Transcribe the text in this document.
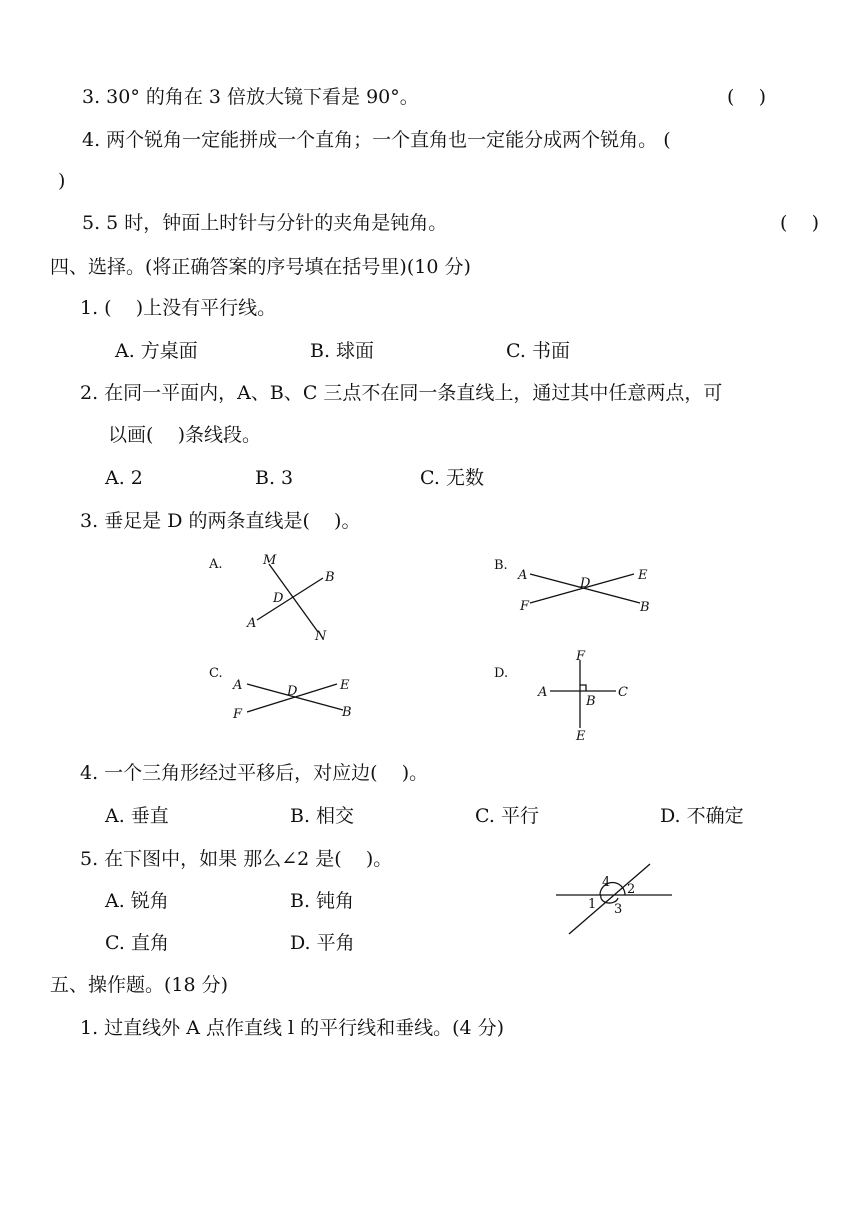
3. 30° 的角在 3 倍放大镜下看是 90°。	(    )
4. 两个锐角一定能拼成一个直角；一个直角也一定能分成两个锐角。 (
)
5. 5 时，钟面上时针与分针的夹角是钝角。	(    )
四、选择。(将正确答案的序号填在括号里)(10 分)
1. (    )上没有平行线。
A. 方桌面	B. 球面	C. 书面
2. 在同一平面内，A、B、C 三点不在同一条直线上，通过其中任意两点，可
以画(    )条线段。
A. 2	B. 3	C. 无数
3. 垂足是 D 的两条直线是(    )。
A.	M
B
D
A
N
B.
A
D
E
F	B
C.
A	D	E
F	B
D.
F
A
B
C
E
4. 一个三角形经过平移后，对应边(    )。
A. 垂直	B. 相交	C. 平行	D. 不确定
5. 在下图中，如果 那么∠2 是(    )。
A. 锐角	B. 钝角
C. 直角	D. 平角
4 2
1 3
五、操作题。(18 分)
1. 过直线外 A 点作直线 l 的平行线和垂线。(4 分)
